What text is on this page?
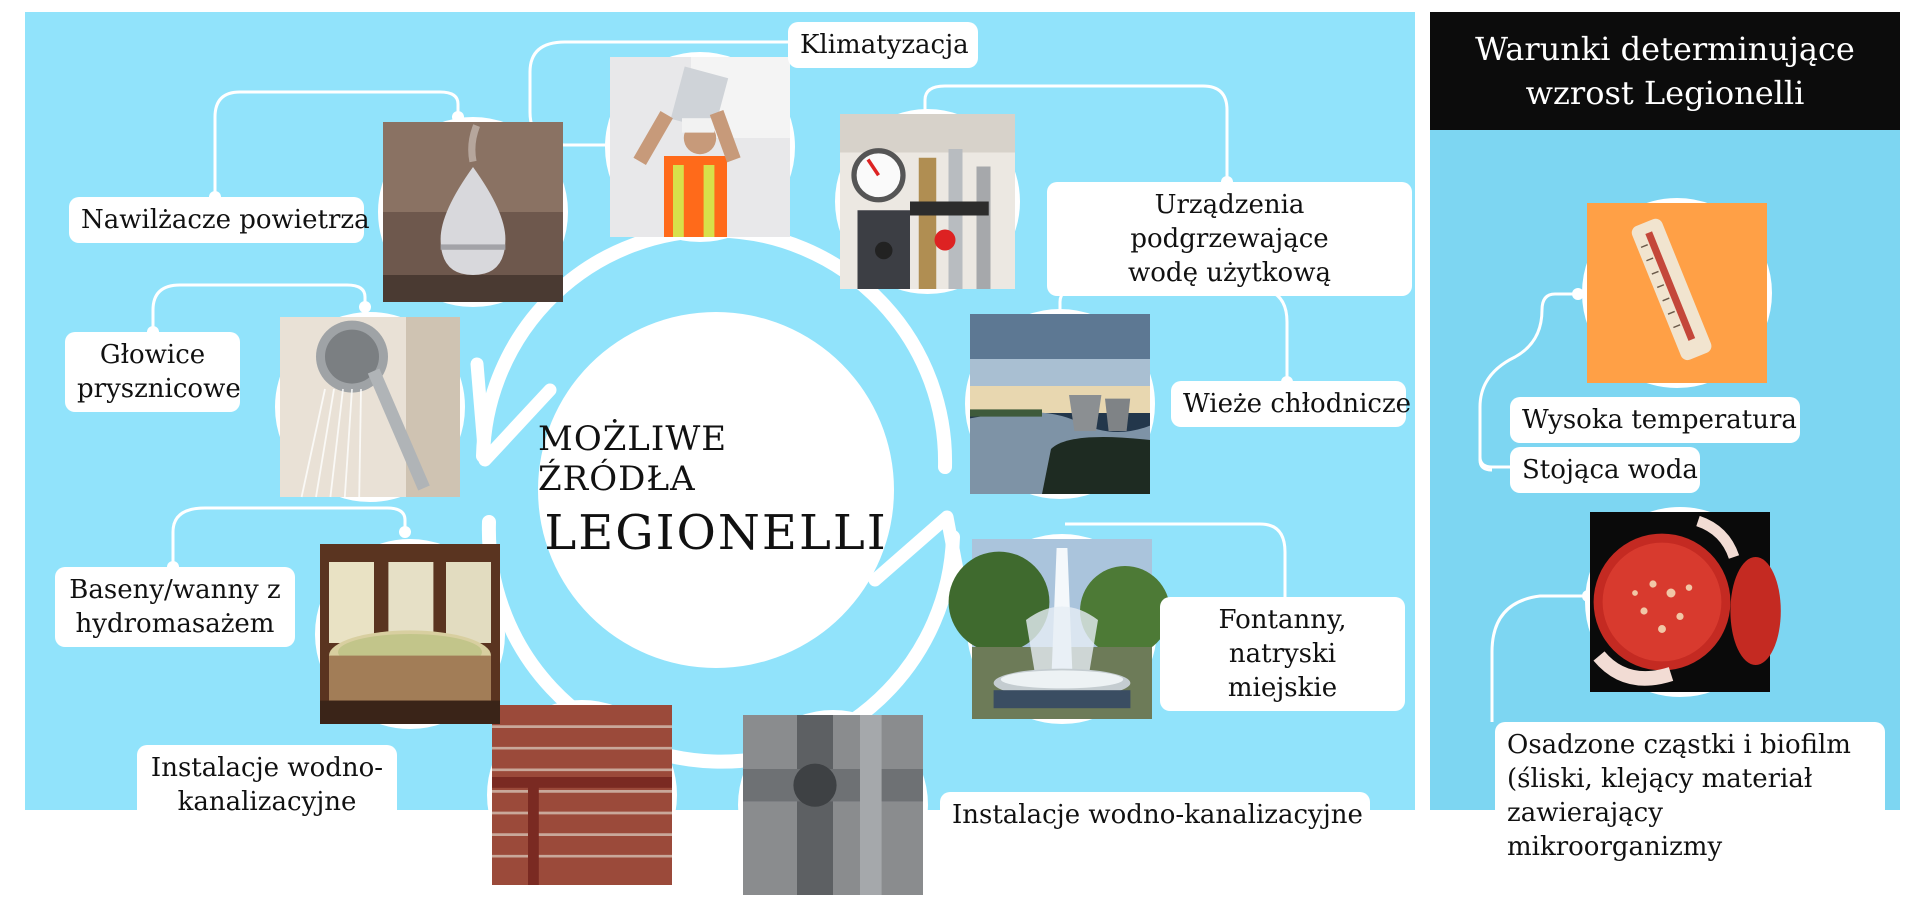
MOŻLIWE ŹRÓDŁA
LEGIONELLI
Klimatyzacja
Urządzenia podgrzewające
wodę użytkową
Wieże chłodnicze
Fontanny,
natryski miejskie
Instalacje wodno-kanalizacyjne
Instalacje wodno-
kanalizacyjne
Baseny/wanny z
hydromasażem
Głowice
prysznicowe
Nawilżacze powietrza
Warunki determinujące
wzrost Legionelli
Wysoka temperatura
Stojąca woda
Osadzone cząstki i biofilm
(śliski, klejący materiał
zawierający mikroorganizmy
